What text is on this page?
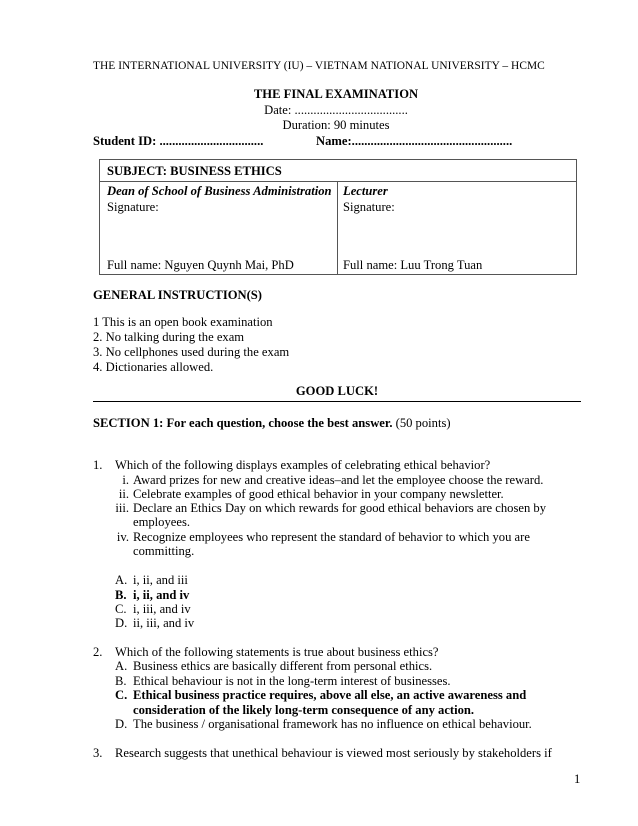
THE INTERNATIONAL UNIVERSITY (IU) – VIETNAM NATIONAL UNIVERSITY – HCMC
THE FINAL EXAMINATION
Date: ....................................
Duration: 90 minutes
Student ID: .................................	Name:...................................................
SUBJECT: BUSINESS ETHICS
Dean of School of Business Administration
Signature:
Full name: Nguyen Quynh Mai, PhD
Lecturer
Signature:
Full name: Luu Trong Tuan
GENERAL INSTRUCTION(S)
1 This is an open book examination
2. No talking during the exam
3. No cellphones used during the exam
4. Dictionaries allowed.
GOOD LUCK!
SECTION 1: For each question, choose the best answer. (50 points)
1. Which of the following displays examples of celebrating ethical behavior?
i. Award prizes for new and creative ideas–and let the employee choose the reward.
ii. Celebrate examples of good ethical behavior in your company newsletter.
iii. Declare an Ethics Day on which rewards for good ethical behaviors are chosen by
employees.
iv. Recognize employees who represent the standard of behavior to which you are
committing.
A. i, ii, and iii
B. i, ii, and iv
C. i, iii, and iv
D. ii, iii, and iv
2. Which of the following statements is true about business ethics?
A. Business ethics are basically different from personal ethics.
B. Ethical behaviour is not in the long-term interest of businesses.
C. Ethical business practice requires, above all else, an active awareness and
consideration of the likely long-term consequence of any action.
D. The business / organisational framework has no influence on ethical behaviour.
3. Research suggests that unethical behaviour is viewed most seriously by stakeholders if
1
